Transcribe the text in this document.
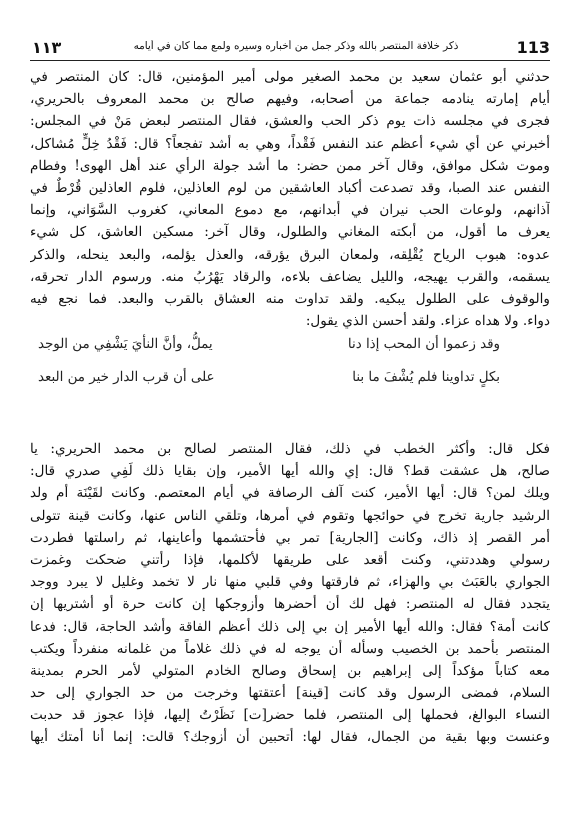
113
ذكر خلافة المنتصر بالله وذكر جمل من أخباره وسيره ولمع مما كان في أيامه
١١٣
حدثني أبو عثمان سعيد بن محمد الصغير مولى أمير المؤمنين، قال: كان المنتصر في
أيام إمارته ينادمه جماعة من أصحابه، وفيهم صالح بن محمد المعروف بالحريري،
فجرى في مجلسه ذات يوم ذكر الحب والعشق، فقال المنتصر لبعض مَنْ في المجلس:
أخبرني عن أي شيء أعظم عند النفس فَقْداً، وهي به أشد تفجعاً؟ قال: فَقْدُ خِلٍّ مُشاكل،
وموت شكل موافق، وقال آخر ممن حضر: ما أشد جولة الرأي عند أهل الهوى! وفطام
النفس عند الصبا، وقد تصدعت أكباد العاشقين من لوم العاذلين، فلوم العاذلين قُرْطٌ في
آذانهم، ولوعات الحب نيران في أبدانهم، مع دموع المعاني، كغروب السَّوَاني، وإنما
يعرف ما أقول، من أبكته المغاني والطلول، وقال آخر: مسكين العاشق، كل شيء
عدوه: هبوب الرياح يُقْلِقه، ولمعان البرق يؤرقه، والعذل يؤلمه، والبعد ينحله، والذكر
يسقمه، والقرب يهيجه، والليل يضاعف بلاءه، والرقاد يَهْرُبُ منه. ورسوم الدار تحرقه،
والوقوف على الطلول يبكيه. ولقد تداوت منه العشاق بالقرب والبعد. فما نجع فيه
دواء. ولا هداه عزاء. ولقد أحسن الذي يقول:
وقد زعموا أن المحب إذا دنا
يملُّ، وأنَّ النأيَ يَشْفِي من الوجد
بكلٍ تداوينا فلم يُشْفَ ما بنا
على أن قرب الدار خير من البعد
فكل قال: وأكثر الخطب في ذلك، فقال المنتصر لصالح بن محمد الحريري: يا
صالح، هل عشقت قط؟ قال: إي والله أيها الأمير، وإن بقايا ذلك لَفِي صدري قال:
ويلك لمن؟ قال: أيها الأمير، كنت آلف الرصافة في أيام المعتصم. وكانت لقَيْنَة أم ولد
الرشيد جارية تخرج في حوائجها وتقوم في أمرها، وتلقي الناس عنها، وكانت قينة تتولى
أمر القصر إذ ذاك، وكانت [الجارية] تمر بي فأحتشمها وأعاينها، ثم راسلتها فطردت
رسولي وهددتني، وكنت أقعد على طريقها لأكلمها، فإذا رأتني ضحكت وغمزت
الجواري بالعَبَث بي والهزاء، ثم فارقتها وفي قلبي منها نار لا تخمد وغليل لا يبرد ووجد
يتجدد فقال له المنتصر: فهل لك أن أحضرها وأزوجكها إن كانت حرة أو أشتريها إن
كانت أمة؟ فقال: والله أيها الأمير إن بي إلى ذلك أعظم الفاقة وأشد الحاجة، قال: فدعا
المنتصر بأحمد بن الخصيب وسأله أن يوجه له في ذلك غلاماً من غلمانه منفرداً ويكتب
معه كتاباً مؤكداً إلى إبراهيم بن إسحاق وصالح الخادم المتولي لأمر الحرم بمدينة
السلام، فمضى الرسول وقد كانت [قينة] أعتقتها وخرجت من حد الجواري إلى حد
النساء البوالغ، فحملها إلى المنتصر، فلما حضر[ت] نَظَرْتُ إليها، فإذا عجوز قد حدبت
وعنست وبها بقية من الجمال، فقال لها: أتحبين أن أزوجك؟ قالت: إنما أنا أمتك أيها
